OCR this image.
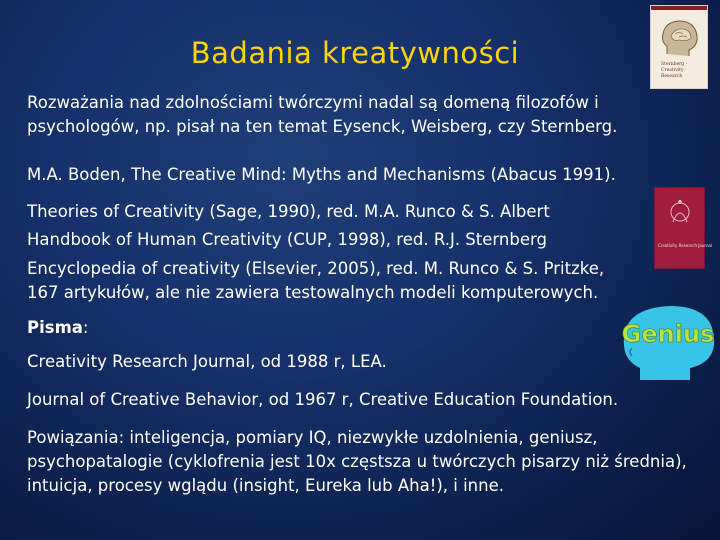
Badania kreatywności
Rozważania nad zdolnościami twórczymi nadal są domeną filozofów i
psychologów, np. pisał na ten temat Eysenck, Weisberg, czy Sternberg.
M.A. Boden, The Creative Mind: Myths and Mechanisms (Abacus 1991).
Theories of Creativity (Sage, 1990), red. M.A. Runco & S. Albert
Handbook of Human Creativity (CUP, 1998), red. R.J. Sternberg
Encyclopedia of creativity (Elsevier, 2005), red. M. Runco & S. Pritzke,
167 artykułów, ale nie zawiera testowalnych modeli komputerowych.
Pisma:
Creativity Research Journal, od 1988 r, LEA.
Journal of Creative Behavior, od 1967 r, Creative Education Foundation.
Powiązania: inteligencja, pomiary IQ, niezwykłe uzdolnienia, geniusz,
psychopatalogie (cyklofrenia jest 10x częstsza u twórczych pisarzy niż średnia),
intuicja, procesy wglądu (insight, Eureka lub Aha!), i inne.
Sternberg · Creativity · Research
Creativity Research Journal
Genius
